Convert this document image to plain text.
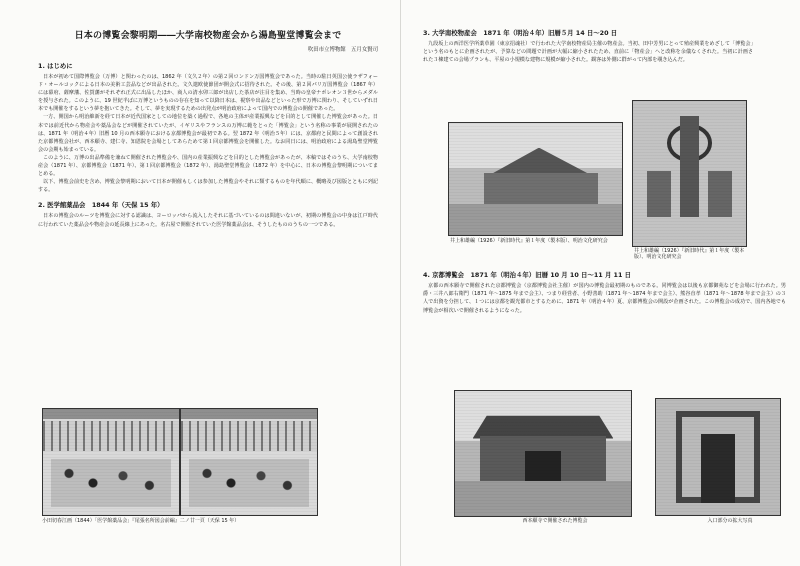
日本の博覧会黎明期――大学南校物産会から湯島聖堂博覧会まで
吹田市立博物館　五月女賢司
1. はじめに

日本が初めて国際博覧会（万博）と関わったのは、1862 年（文久２年）の第２回ロンドン万国博覧会であった。当時の駐日英国公使ラザフォード・オールコックによる日本の美術工芸品などが出品された。文久遣欧使節団が開会式に招待された。その後、第２回パリ万国博覧会（1867 年）には幕府、薩摩藩、佐賀藩がそれぞれ正式に出品したほか、商人の清水卯三郎が出店した茶店が注目を集め、当時の皇帝ナポレオン３世からメダルを授与された。このように、19 世紀半ばに万博というものの存在を知って以降日本は、視察や出品などといった形で万博に関わり、そしていずれ日本でも開催をするという夢を抱いてきた。そして、夢を実現するための出発点が明治政府によって国内での博覧会の開催であった。

一方、開国から明治維新を経て日本が近代国家としての地位を築く過程で、各地の主体が産業振興などを目的として開催した博覧会があった。日本では前近代から物産会や薬品会などが開催されていたが、イギリスやフランスの万博に範をとった「博覧会」という名称の事業が展開されたのは、1871 年（明治４年）旧暦 10 月の西本願寺における京都博覧会が最初である。翌 1872 年（明治５年）には、京都府と民間によって創設された京都博覧会社が、西本願寺、建仁寺、知恩院を会場としてあらためて第１回京都博覧会を開催した。なお同日には、明治政府による湯島聖堂博覧会の会期も始まっている。

このように、万博の出品準備を兼ねて開催された博覧会や、国内の産業振興などを目的とした博覧会があったが、本稿ではそのうち、大学南校物産会（1871 年）、京都博覧会（1871 年）、第１回京都博覧会（1872 年）、湯島聖堂博覧会（1872 年）を中心に、日本の博覧会黎明期についてまとめる。

以下、博覧会前史を含め、博覧会黎明期において日本が開催もしくは参加した博覧会やそれに類するものを年代順に、概略及び図版とともに列記する。

2. 医学館薬品会　1844 年（天保 15 年）

日本の博覧会のルーツを博覧会に対する認識は、ヨーロッパから流入したそれに基づいているのは間違いないが、初期の博覧会の中身は江戸時代に行われていた薬品会や物産会の延長線上にあった。名古屋で開催されていた医学館薬品会は、そうしたもののうちの一つである。

小田切春江画（1844）「医学館薬品会」『尾張名所図会前編』二ノ廿一頁（天保 15 年）
3. 大学南校物産会　1871 年（明治４年）旧暦５月 14 日～20 日

九段坂上の西洋医学所薬草園（東京招魂社）で行われた大学南校物産局主催の物産会。当初、田中芳男にとって殖産興業をめざして「博覧会」という名のもとに企画されたが、予算などの問題で計画が大幅に縮小されたため、直前に「物産会」へと改称を余儀なくされた。当初に計画された３棟建ての会場プランも、平屋の小規模な建物に規模が縮小された。観客は外側に群がって内部を覗き込んだ。

4. 京都博覧会　1871 年（明治４年）旧暦 10 月 10 日～11 月 11 日

京都の西本願寺で開催された京都博覧会（京都博覧会社主催）が国内の博覧会最初期のものである。同博覧会は以後も京都御苑などを会場に行われた。男爵・三井八郎右衛門（1871 年～1875 年まで会主）、つまり経営者、小野善助（1871 年～1874 年まで会主）、熊谷直孝（1871 年～1878 年まで会主）の３人で出資を分担して、１つには京都を観光都市とするために、1871 年（明治４年）夏、京都博覧会の開設が企画された。この博覧会の成功で、国内各地でも博覧会が相次いで開催されるようになった。

井上和雄編（1926）『新旧時代』第１年度（製本版）、明治文化研究会
井上和雄編（1926）『新旧時代』第１年度（製本版）、明治文化研究会
西本願寺で開催された博覧会	入口部分の拡大写真
